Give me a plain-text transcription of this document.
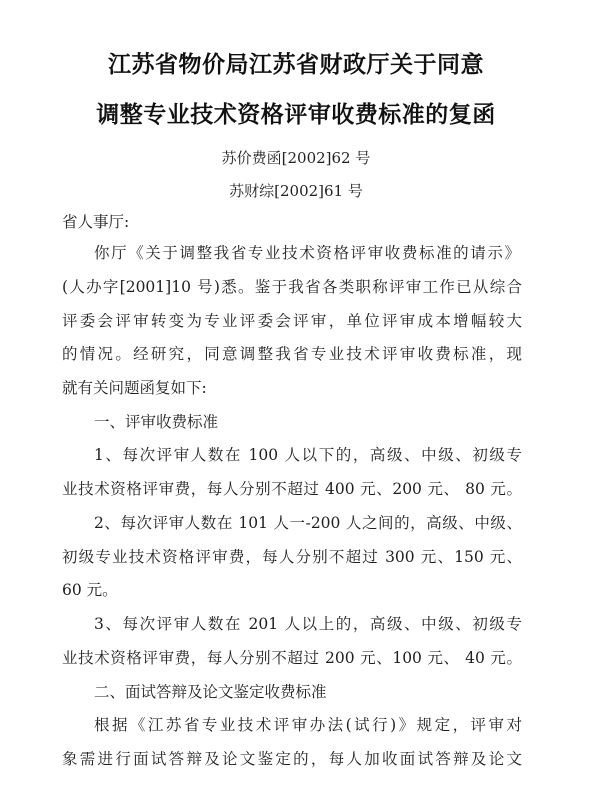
江苏省物价局江苏省财政厅关于同意
调整专业技术资格评审收费标准的复函
苏价费函[2002]62 号
苏财综[2002]61 号
省人事厅:
你厅《关于调整我省专业技术资格评审收费标准的请示》
(人办字[2001]10 号)悉。鉴于我省各类职称评审工作已从综合
评委会评审转变为专业评委会评审，单位评审成本增幅较大
的情况。经研究，同意调整我省专业技术评审收费标准，现
就有关问题函复如下:
一、评审收费标准
1、每次评审人数在 100 人以下的，高级、中级、初级专
业技术资格评审费，每人分别不超过 400 元、200 元、 80 元。
2、每次评审人数在 101 人一-200 人之间的，高级、中级、
初级专业技术资格评审费，每人分别不超过 300 元、150 元、
60 元。
3、每次评审人数在 201 人以上的，高级、中级、初级专
业技术资格评审费，每人分别不超过 200 元、100 元、 40 元。
二、面试答辩及论文鉴定收费标准
根据《江苏省专业技术评审办法(试行)》规定，评审对
象需进行面试答辩及论文鉴定的，每人加收面试答辩及论文
